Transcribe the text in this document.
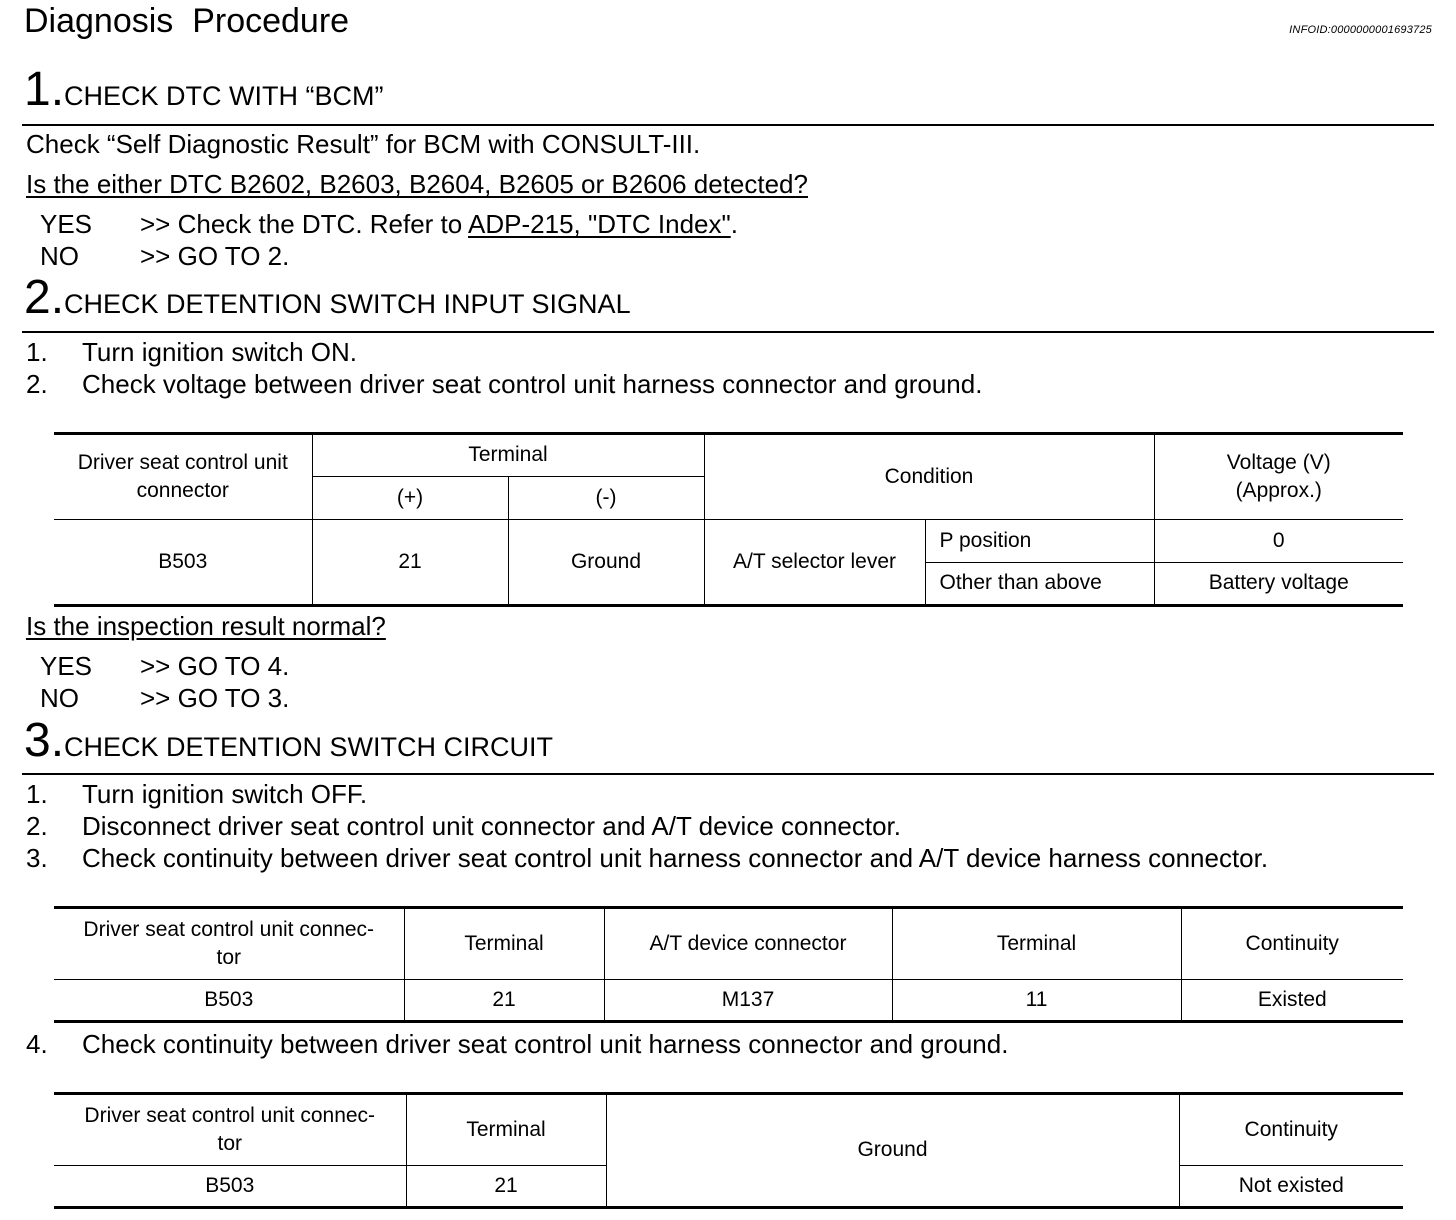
Diagnosis  Procedure	INFOID:0000000001693725
1.CHECK DTC WITH “BCM”
Check “Self Diagnostic Result” for BCM with CONSULT-III.
Is the either DTC B2602, B2603, B2604, B2605 or B2606 detected?
YES >> Check the DTC. Refer to ADP-215, "DTC Index".
NO >> GO TO 2.
2.CHECK DETENTION SWITCH INPUT SIGNAL
1. Turn ignition switch ON.
2. Check voltage between driver seat control unit harness connector and ground.
Driver seat control unit connector	Terminal		Condition		Voltage (V)
(Approx.)
	(+)	(-)			
B503	21	Ground	A/T selector lever	P position	0
				Other than above	Battery voltage
Is the inspection result normal?
YES >> GO TO 4.
NO >> GO TO 3.
3.CHECK DETENTION SWITCH CIRCUIT
1. Turn ignition switch OFF.
2. Disconnect driver seat control unit connector and A/T device connector.
3. Check continuity between driver seat control unit harness connector and A/T device harness connector.
Driver seat control unit connec-
tor	Terminal	A/T device connector	Terminal	Continuity
B503	21	M137	11	Existed
4. Check continuity between driver seat control unit harness connector and ground.
Driver seat control unit connec-
tor	Terminal	Ground	Continuity
B503	21		Not existed
